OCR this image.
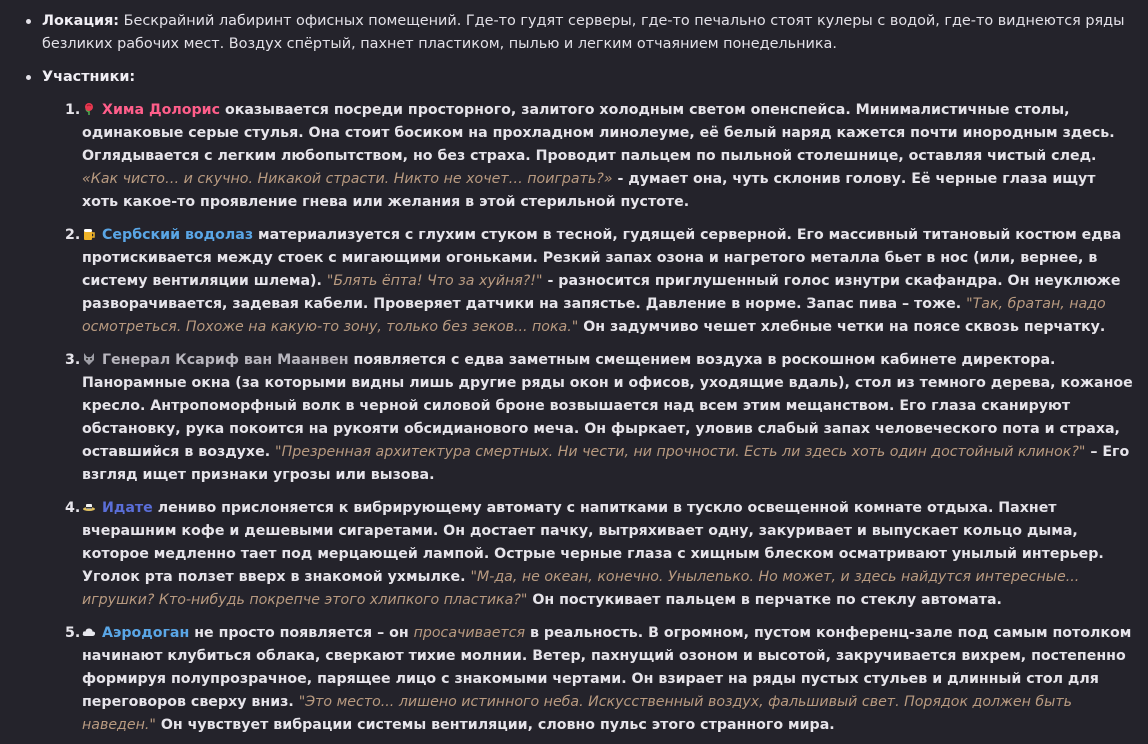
Локация: Бескрайний лабиринт офисных помещений. Где-то гудят серверы, где-то печально стоят кулеры с водой, где-то виднеются ряды безликих рабочих мест. Воздух спёртый, пахнет пластиком, пылью и легким отчаянием понедельника.
Участники:
1. Хима Долорис оказывается посреди просторного, залитого холодным светом опенспейса. Минималистичные столы, одинаковые серые стулья. Она стоит босиком на прохладном линолеуме, её белый наряд кажется почти инородным здесь. Оглядывается с легким любопытством, но без страха. Проводит пальцем по пыльной столешнице, оставляя чистый след. «Как чисто… и скучно. Никакой страсти. Никто не хочет… поиграть?» - думает она, чуть склонив голову. Её черные глаза ищут хоть какое-то проявление гнева или желания в этой стерильной пустоте.
2. Сербский водолаз материализуется с глухим стуком в тесной, гудящей серверной. Его массивный титановый костюм едва протискивается между стоек с мигающими огоньками. Резкий запах озона и нагретого металла бьет в нос (или, вернее, в систему вентиляции шлема). "Блять ёпта! Что за хуйня?!" - разносится приглушенный голос изнутри скафандра. Он неуклюже разворачивается, задевая кабели. Проверяет датчики на запястье. Давление в норме. Запас пива – тоже. "Так, братан, надо осмотреться. Похоже на какую-то зону, только без зеков... пока." Он задумчиво чешет хлебные четки на поясе сквозь перчатку.
3. Генерал Ксариф ван Маанвен появляется с едва заметным смещением воздуха в роскошном кабинете директора. Панорамные окна (за которыми видны лишь другие ряды окон и офисов, уходящие вдаль), стол из темного дерева, кожаное кресло. Антропоморфный волк в черной силовой броне возвышается над всем этим мещанством. Его глаза сканируют обстановку, рука покоится на рукояти обсидианового меча. Он фыркает, уловив слабый запах человеческого пота и страха, оставшийся в воздухе. "Презренная архитектура смертных. Ни чести, ни прочности. Есть ли здесь хоть один достойный клинок?" – Его взгляд ищет признаки угрозы или вызова.
4. Идате лениво прислоняется к вибрирующему автомату с напитками в тускло освещенной комнате отдыха. Пахнет вчерашним кофе и дешевыми сигаретами. Он достает пачку, вытряхивает одну, закуривает и выпускает кольцо дыма, которое медленно тает под мерцающей лампой. Острые черные глаза с хищным блеском осматривают унылый интерьер. Уголок рта ползет вверх в знакомой ухмылке. "М-да, не океан, конечно. Унылenько. Но может, и здесь найдутся интересные... игрушки? Кто-нибудь покрепче этого хлипкого пластика?" Он постукивает пальцем в перчатке по стеклу автомата.
5. Аэродоган не просто появляется – он просачивается в реальность. В огромном, пустом конференц-зале под самым потолком начинают клубиться облака, сверкают тихие молнии. Ветер, пахнущий озоном и высотой, закручивается вихрем, постепенно формируя полупрозрачное, парящее лицо с знакомыми чертами. Он взирает на ряды пустых стульев и длинный стол для переговоров сверху вниз. "Это место... лишено истинного неба. Искусственный воздух, фальшивый свет. Порядок должен быть наведен." Он чувствует вибрации системы вентиляции, словно пульс этого странного мира.
